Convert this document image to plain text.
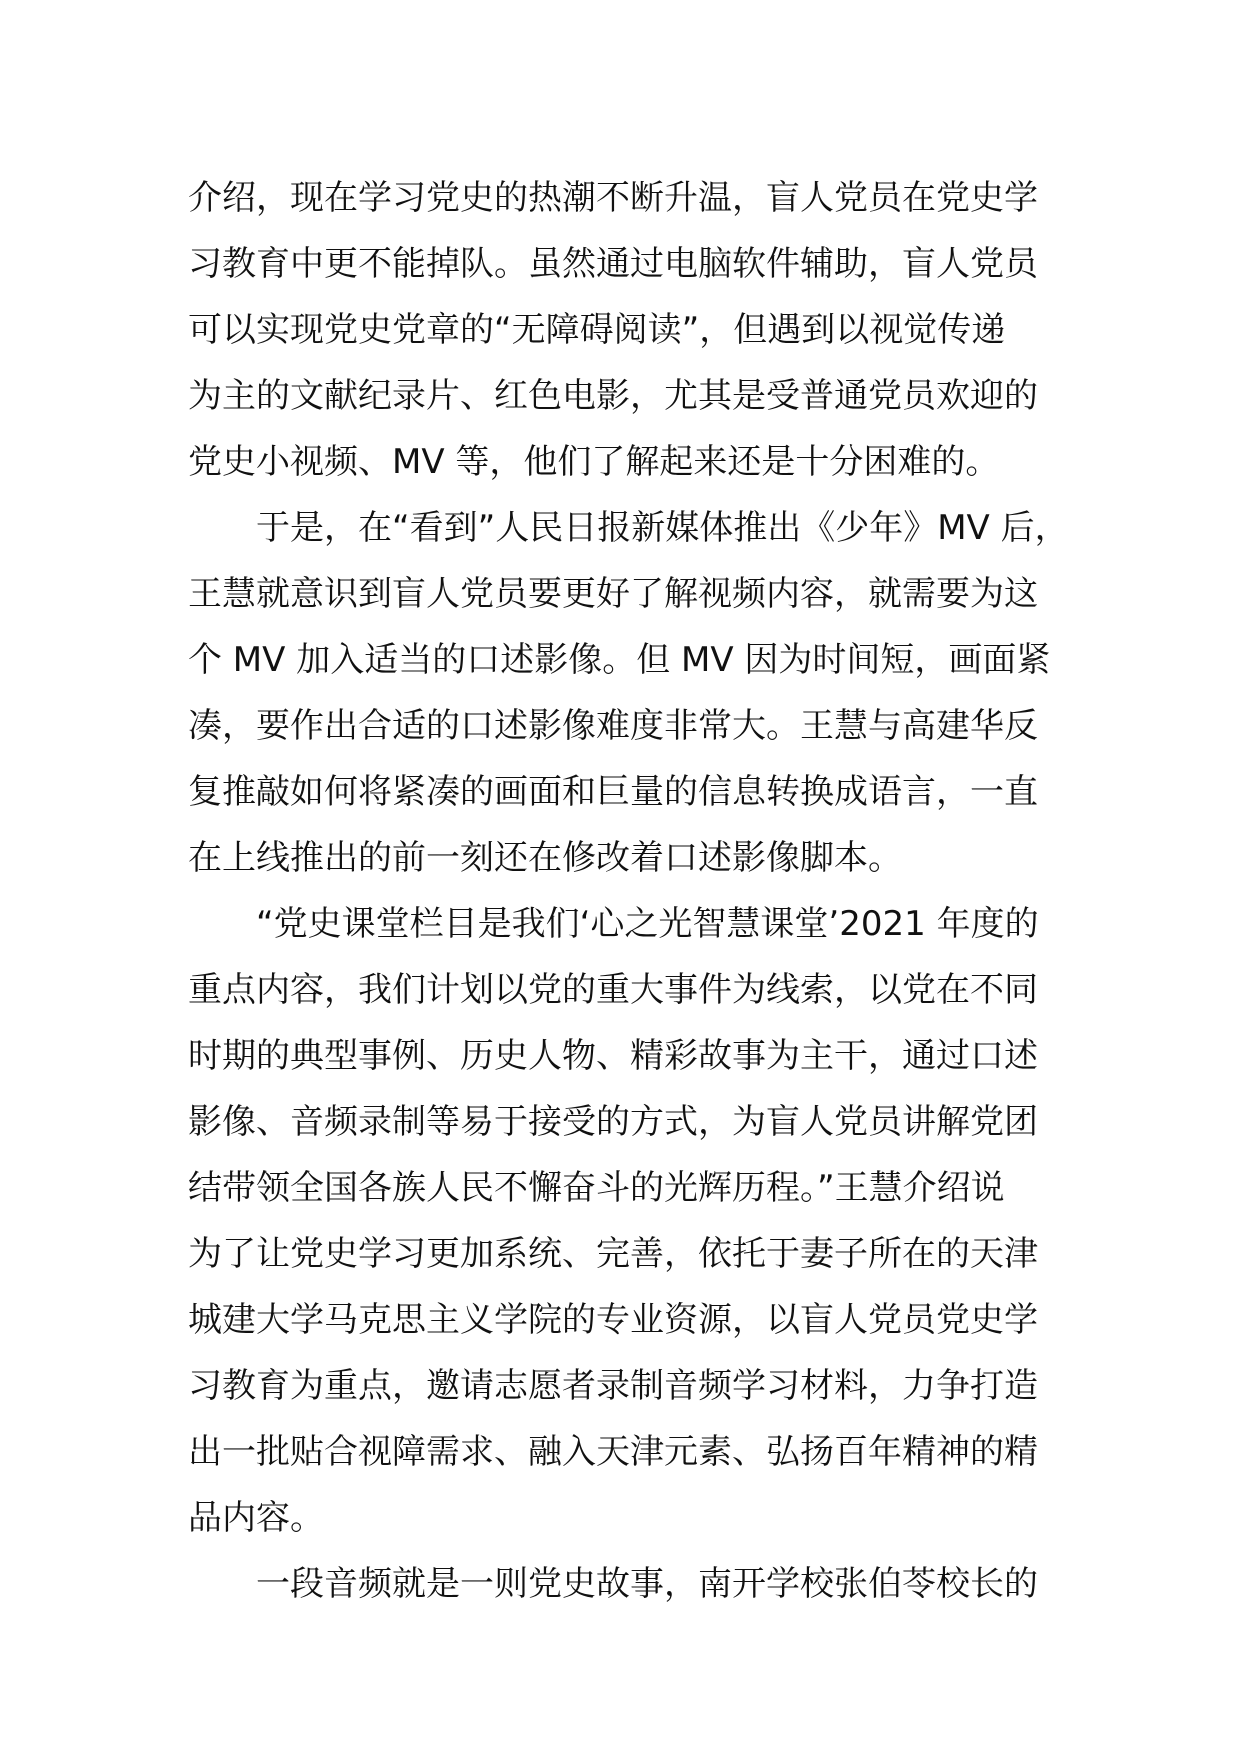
介绍，现在学习党史的热潮不断升温，盲人党员在党史学
习教育中更不能掉队。虽然通过电脑软件辅助，盲人党员
可以实现党史党章的“无障碍阅读”，但遇到以视觉传递
为主的文献纪录片、红色电影，尤其是受普通党员欢迎的
党史小视频、MV 等，他们了解起来还是十分困难的。
于是，在“看到”人民日报新媒体推出《少年》MV 后，
王慧就意识到盲人党员要更好了解视频内容，就需要为这
个 MV 加入适当的口述影像。但 MV 因为时间短，画面紧
凑，要作出合适的口述影像难度非常大。王慧与高建华反
复推敲如何将紧凑的画面和巨量的信息转换成语言，一直
在上线推出的前一刻还在修改着口述影像脚本。
“党史课堂栏目是我们‘心之光智慧课堂’2021 年度的
重点内容，我们计划以党的重大事件为线索，以党在不同
时期的典型事例、历史人物、精彩故事为主干，通过口述
影像、音频录制等易于接受的方式，为盲人党员讲解党团
结带领全国各族人民不懈奋斗的光辉历程。”王慧介绍说
为了让党史学习更加系统、完善，依托于妻子所在的天津
城建大学马克思主义学院的专业资源，以盲人党员党史学
习教育为重点，邀请志愿者录制音频学习材料，力争打造
出一批贴合视障需求、融入天津元素、弘扬百年精神的精
品内容。
一段音频就是一则党史故事，南开学校张伯苓校长的
